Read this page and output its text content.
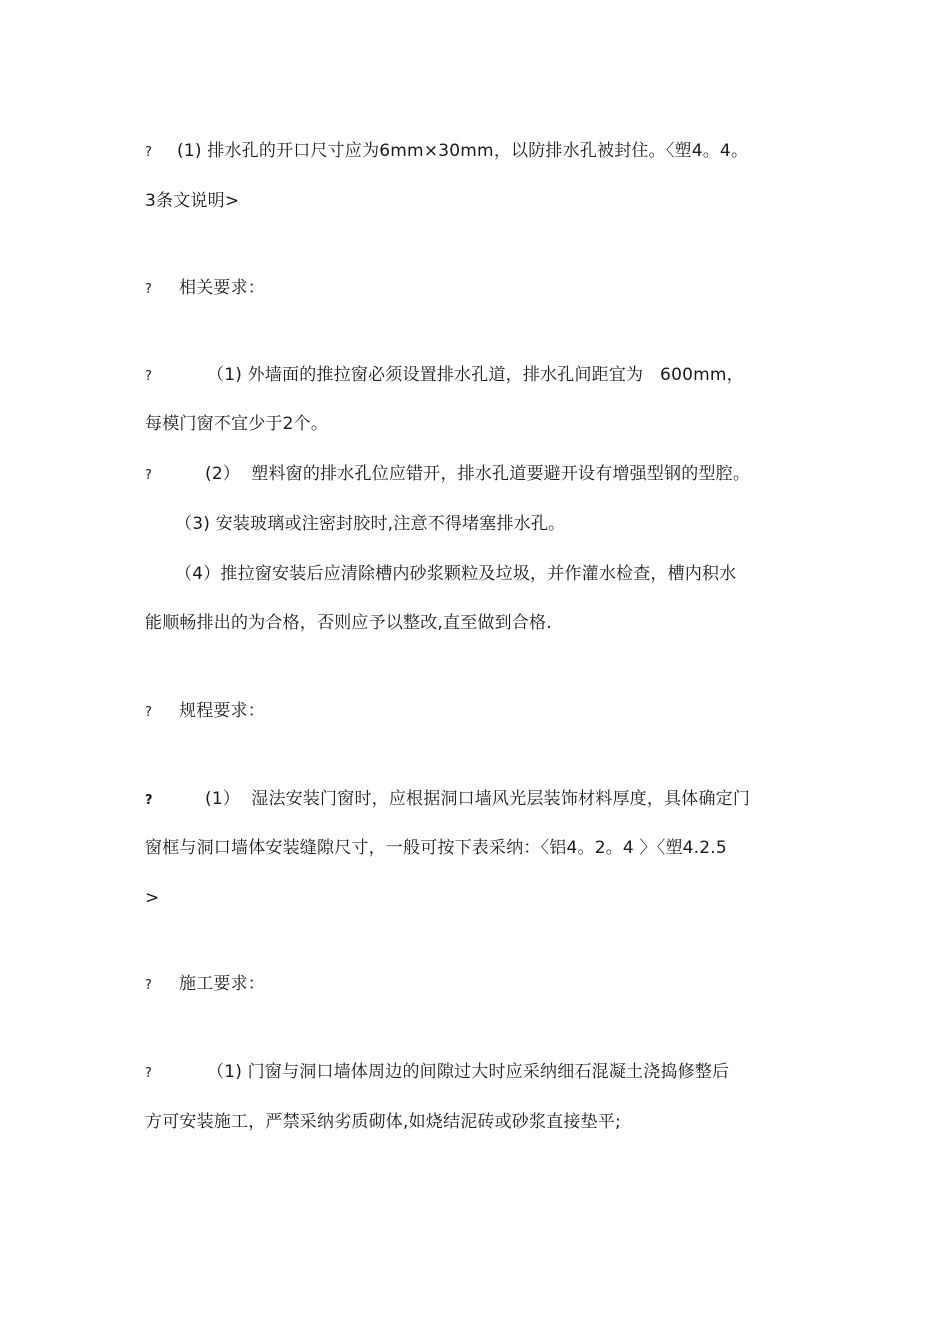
? (1) 排水孔的开口尺寸应为6mm×30mm，以防排水孔被封住。〈塑4。4。
3条文说明>
? 相关要求：
?	（1) 外墙面的推拉窗必须设置排水孔道，排水孔间距宜为   600mm，
每模门窗不宜少于2个。
?	(2）  塑料窗的排水孔位应错开，排水孔道要避开设有增强型钢的型腔。
（3) 安装玻璃或注密封胶时,注意不得堵塞排水孔。
（4）推拉窗安装后应清除槽内砂浆颗粒及垃圾，并作灌水检查，槽内积水
能顺畅排出的为合格，否则应予以整改,直至做到合格.
? 规程要求：
?	(1）  湿法安装门窗时，应根据洞口墙风光层装饰材料厚度，具体确定门
窗框与洞口墙体安装缝隙尺寸，一般可按下表采纳：〈铝4。2。4 〉〈塑4.2.5
>
? 施工要求：
?	（1) 门窗与洞口墙体周边的间隙过大时应采纳细石混凝土浇捣修整后
方可安装施工，严禁采纳劣质砌体,如烧结泥砖或砂浆直接垫平;
